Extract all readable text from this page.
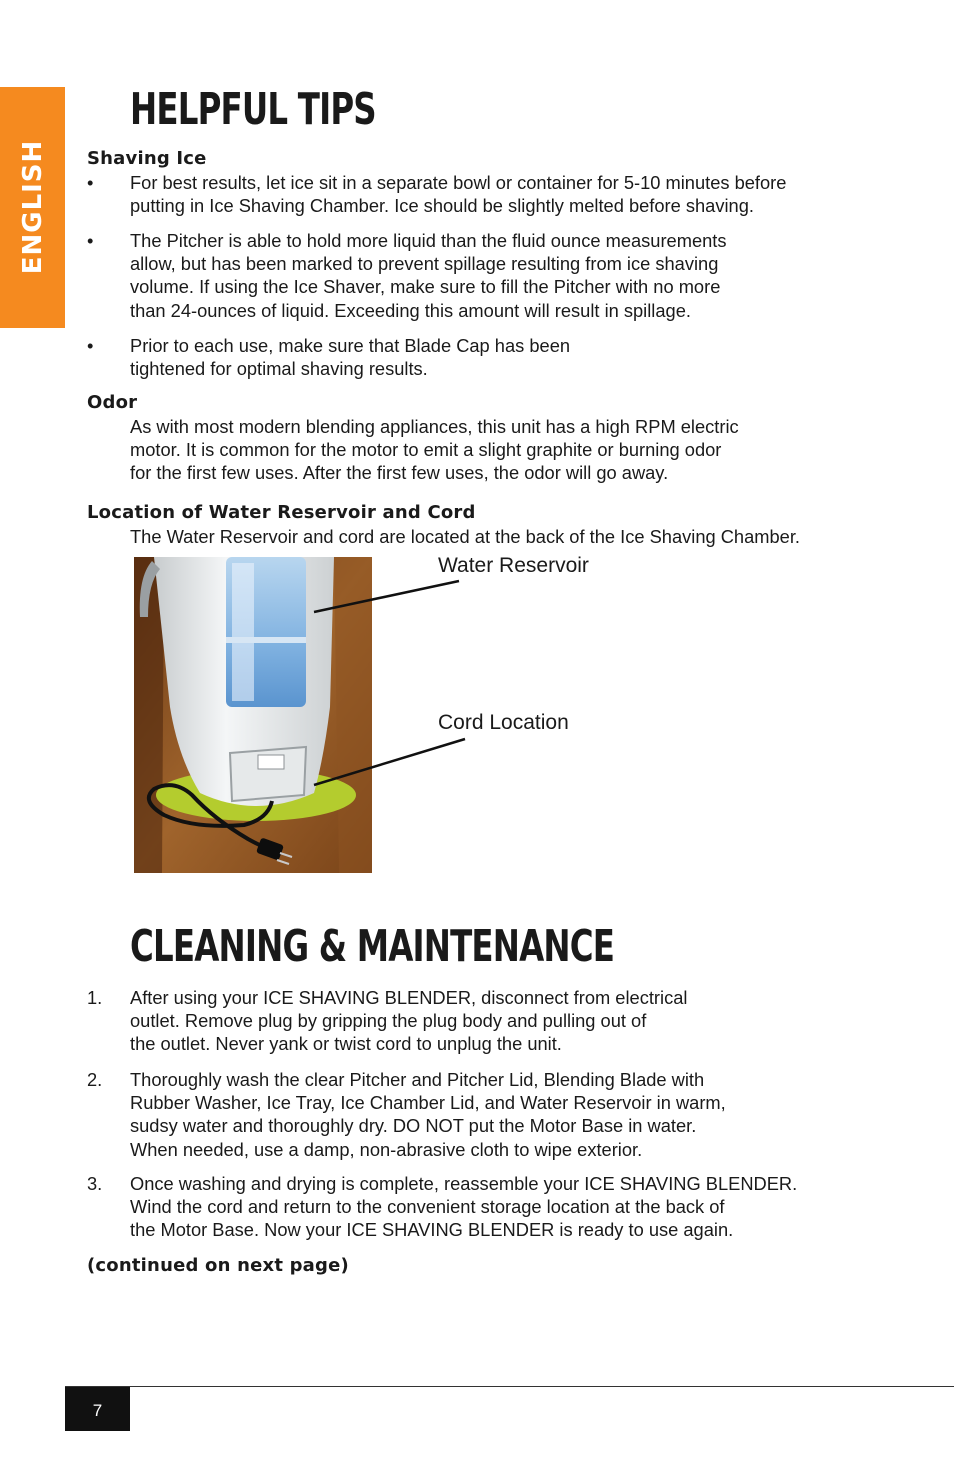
ENGLISH
HELPFUL TIPS
Shaving Ice
• For best results, let ice sit in a separate bowl or container for 5-10 minutes before
putting in Ice Shaving Chamber. Ice should be slightly melted before shaving.
• The Pitcher is able to hold more liquid than the fluid ounce measurements
allow, but has been marked to prevent spillage resulting from ice shaving
volume. If using the Ice Shaver, make sure to fill the Pitcher with no more
than 24-ounces of liquid. Exceeding this amount will result in spillage.
• Prior to each use, make sure that Blade Cap has been
tightened for optimal shaving results.
Odor
As with most modern blending appliances, this unit has a high RPM electric
motor. It is common for the motor to emit a slight graphite or burning odor
for the first few uses. After the first few uses, the odor will go away.
Location of Water Reservoir and Cord
The Water Reservoir and cord are located at the back of the Ice Shaving Chamber.
Water Reservoir
Cord Location
CLEANING & MAINTENANCE
1. After using your ICE SHAVING BLENDER, disconnect from electrical
outlet. Remove plug by gripping the plug body and pulling out of
the outlet. Never yank or twist cord to unplug the unit.
2. Thoroughly wash the clear Pitcher and Pitcher Lid, Blending Blade with
Rubber Washer, Ice Tray, Ice Chamber Lid, and Water Reservoir in warm,
sudsy water and thoroughly dry. DO NOT put the Motor Base in water.
When needed, use a damp, non-abrasive cloth to wipe exterior.
3. Once washing and drying is complete, reassemble your ICE SHAVING BLENDER.
Wind the cord and return to the convenient storage location at the back of
the Motor Base. Now your ICE SHAVING BLENDER is ready to use again.
(continued on next page)
7
